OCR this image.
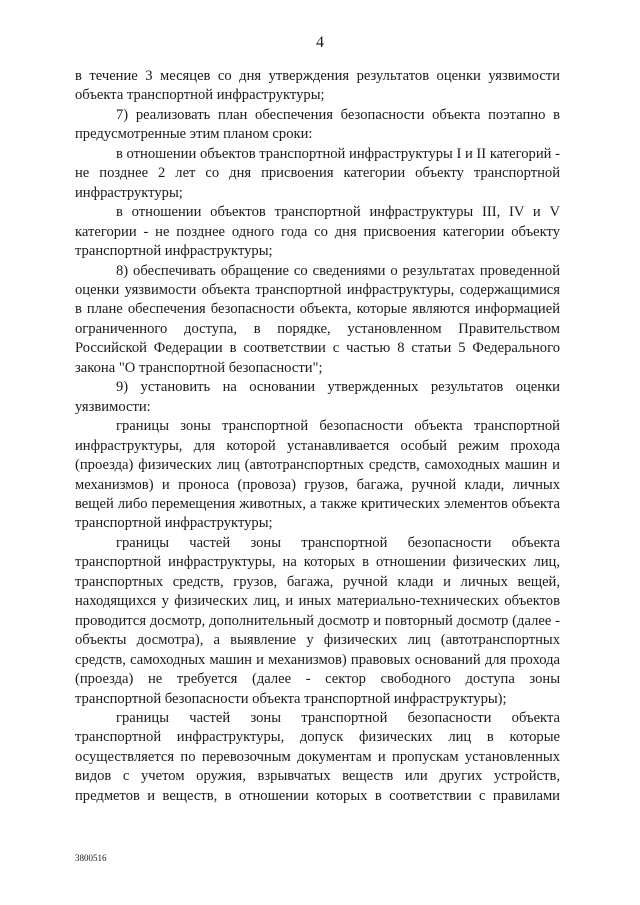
4

в течение 3 месяцев со дня утверждения результатов оценки уязвимости объекта транспортной инфраструктуры;

7) реализовать план обеспечения безопасности объекта поэтапно в предусмотренные этим планом сроки:

в отношении объектов транспортной инфраструктуры I и II категорий - не позднее 2 лет со дня присвоения категории объекту транспортной инфраструктуры;

в отношении объектов транспортной инфраструктуры III, IV и V категории - не позднее одного года со дня присвоения категории объекту транспортной инфраструктуры;

8) обеспечивать обращение со сведениями о результатах проведенной оценки уязвимости объекта транспортной инфраструктуры, содержащимися в плане обеспечения безопасности объекта, которые являются информацией ограниченного доступа, в порядке, установленном Правительством Российской Федерации в соответствии с частью 8 статьи 5 Федерального закона "О транспортной безопасности";

9) установить на основании утвержденных результатов оценки уязвимости:

границы зоны транспортной безопасности объекта транспортной инфраструктуры, для которой устанавливается особый режим прохода (проезда) физических лиц (автотранспортных средств, самоходных машин и механизмов) и проноса (провоза) грузов, багажа, ручной клади, личных вещей либо перемещения животных, а также критических элементов объекта транспортной инфраструктуры;

границы частей зоны транспортной безопасности объекта транспортной инфраструктуры, на которых в отношении физических лиц, транспортных средств, грузов, багажа, ручной клади и личных вещей, находящихся у физических лиц, и иных материально-технических объектов проводится досмотр, дополнительный досмотр и повторный досмотр (далее - объекты досмотра), а выявление у физических лиц (автотранспортных средств, самоходных машин и механизмов) правовых оснований для прохода (проезда) не требуется (далее - сектор свободного доступа зоны транспортной безопасности объекта транспортной инфраструктуры);

границы частей зоны транспортной безопасности объекта транспортной инфраструктуры, допуск физических лиц в которые осуществляется по перевозочным документам и пропускам установленных видов с учетом оружия, взрывчатых веществ или других устройств, предметов и веществ, в отношении которых в соответствии с правилами

3800516
